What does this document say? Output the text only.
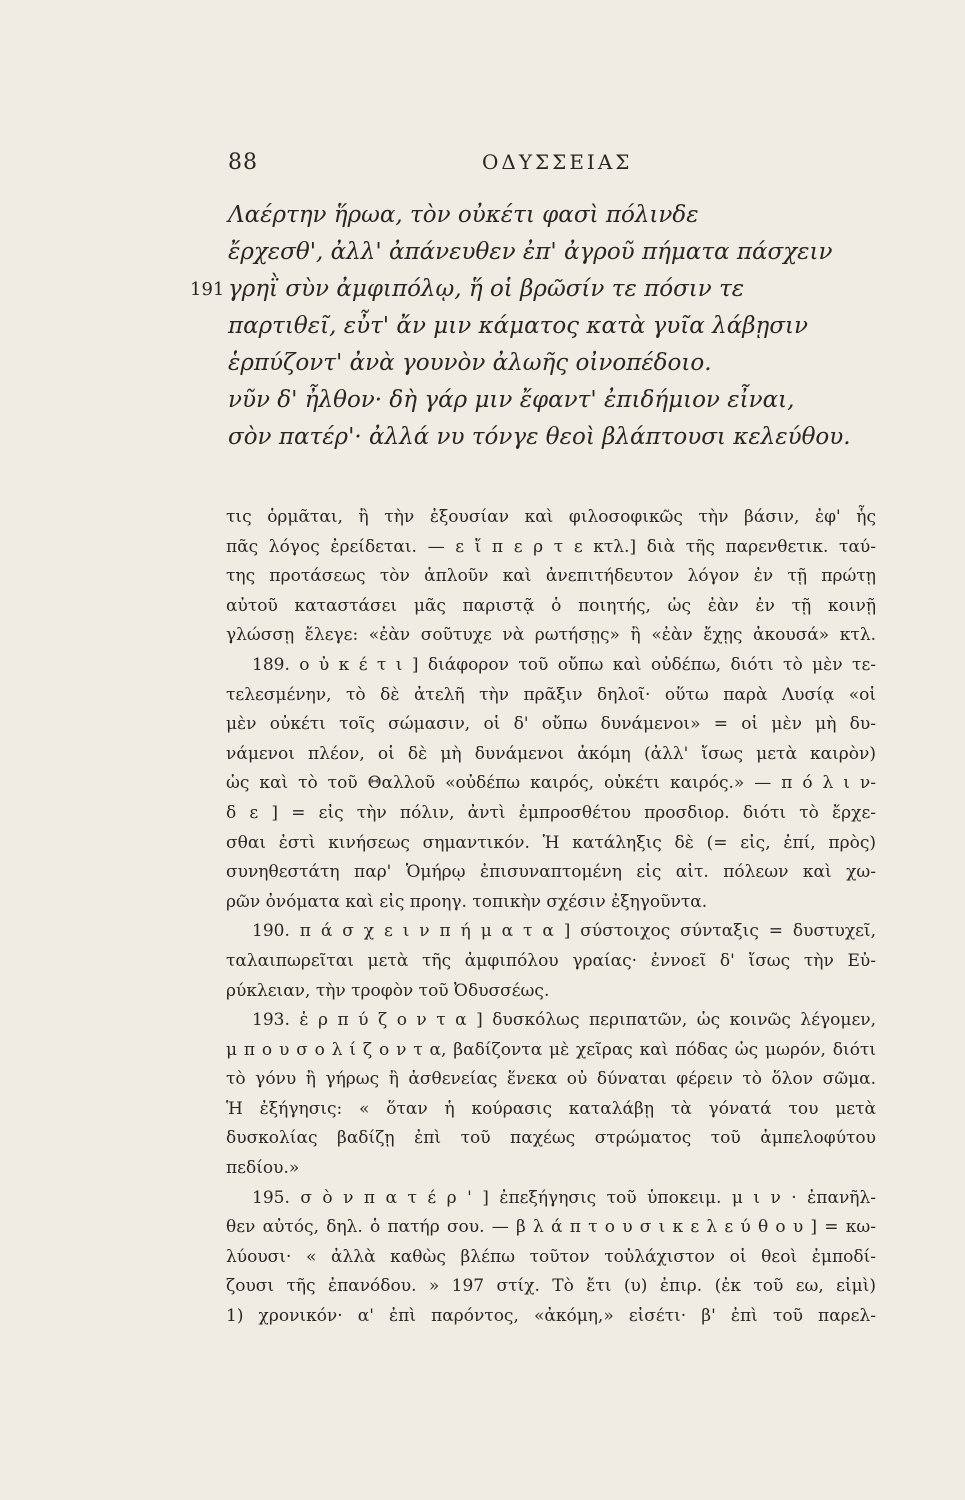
88	ΟΔΥΣΣΕΙΑΣ
Λαέρτην ἥρωα, τὸν οὐκέτι φασὶ πόλινδε
ἔρχεσθ', ἀλλ' ἀπάνευθεν ἐπ' ἀγροῦ πήματα πάσχειν
191 γρηῒ σὺν ἀμφιπόλῳ, ἥ οἱ βρῶσίν τε πόσιν τε
παρτιθεῖ, εὖτ' ἄν μιν κάματος κατὰ γυῖα λάβῃσιν
ἑρπύζοντ' ἀνὰ γουνὸν ἀλωῆς οἰνοπέδοιο.
νῦν δ' ἦλθον· δὴ γάρ μιν ἔφαντ' ἐπιδήμιον εἶναι,
σὸν πατέρ'· ἀλλά νυ τόνγε θεοὶ βλάπτουσι κελεύθου.
τις ὁρμᾶται, ἢ τὴν ἐξουσίαν καὶ φιλοσοφικῶς τὴν βάσιν, ἐφ' ἧς
πᾶς λόγος ἐρείδεται. — ε ἴ π ε ρ τ ε κτλ.] διὰ τῆς παρενθετικ. ταύ-
της προτάσεως τὸν ἁπλοῦν καὶ ἀνεπιτήδευτον λόγον ἐν τῇ πρώτῃ
αὐτοῦ καταστάσει μᾶς παριστᾷ ὁ ποιητής, ὡς ἐὰν ἐν τῇ κοινῇ
γλώσσῃ ἔλεγε: «ἐὰν σοῦτυχε νὰ ρωτήσῃς» ἢ «ἐὰν ἔχῃς ἀκουσά» κτλ.
189. ο ὐ κ έ τ ι ] διάφορον τοῦ οὔπω καὶ οὐδέπω, διότι τὸ μὲν τε-
τελεσμένην, τὸ δὲ ἀτελῆ τὴν πρᾶξιν δηλοῖ· οὕτω παρὰ Λυσίᾳ «οἱ
μὲν οὐκέτι τοῖς σώμασιν, οἱ δ' οὔπω δυνάμενοι» = οἱ μὲν μὴ δυ-
νάμενοι πλέον, οἱ δὲ μὴ δυνάμενοι ἀκόμη (ἀλλ' ἴσως μετὰ καιρὸν)
ὡς καὶ τὸ τοῦ Θαλλοῦ «οὐδέπω καιρός, οὐκέτι καιρός.» — π ό λ ι ν-
δ ε ] = εἰς τὴν πόλιν, ἀντὶ ἐμπροσθέτου προσδιορ. διότι τὸ ἔρχε-
σθαι ἐστὶ κινήσεως σημαντικόν. Ἡ κατάληξις δὲ (= εἰς, ἐπί, πρὸς)
συνηθεστάτη παρ' Ὁμήρῳ ἐπισυναπτομένη εἰς αἰτ. πόλεων καὶ χω-
ρῶν ὀνόματα καὶ εἰς προηγ. τοπικὴν σχέσιν ἐξηγοῦντα.
190. π ά σ χ ε ι ν π ή μ α τ α ] σύστοιχος σύνταξις = δυστυχεῖ,
ταλαιπωρεῖται μετὰ τῆς ἀμφιπόλου γραίας· ἐννοεῖ δ' ἴσως τὴν Εὐ-
ρύκλειαν, τὴν τροφὸν τοῦ Ὀδυσσέως.
193. ἑ ρ π ύ ζ ο ν τ α ] δυσκόλως περιπατῶν, ὡς κοινῶς λέγομεν,
μ π ο υ σ ο λ ί ζ ο ν τ α, βαδίζοντα μὲ χεῖρας καὶ πόδας ὡς μωρόν, διότι
τὸ γόνυ ἢ γήρως ἢ ἀσθενείας ἕνεκα οὐ δύναται φέρειν τὸ ὅλον σῶμα.
Ἡ ἐξήγησις: « ὅταν ἡ κούρασις καταλάβῃ τὰ γόνατά του μετὰ
δυσκολίας βαδίζῃ ἐπὶ τοῦ παχέως στρώματος τοῦ ἀμπελοφύτου
πεδίου.»
195. σ ὸ ν π α τ έ ρ ' ] ἐπεξήγησις τοῦ ὑποκειμ. μ ι ν · ἐπανῆλ-
θεν αὐτός, δηλ. ὁ πατήρ σου. — β λ ά π τ ο υ σ ι κ ε λ ε ύ θ ο υ ] = κω-
λύουσι· « ἀλλὰ καθὼς βλέπω τοῦτον τοὐλάχιστον οἱ θεοὶ ἐμποδί-
ζουσι τῆς ἐπανόδου. » 197 στίχ. Τὸ ἔτι (υ) ἐπιρ. (ἐκ τοῦ εω, εἰμὶ)
1) χρονικόν· α' ἐπὶ παρόντος, «ἀκόμη,» εἰσέτι· β' ἐπὶ τοῦ παρελ-
